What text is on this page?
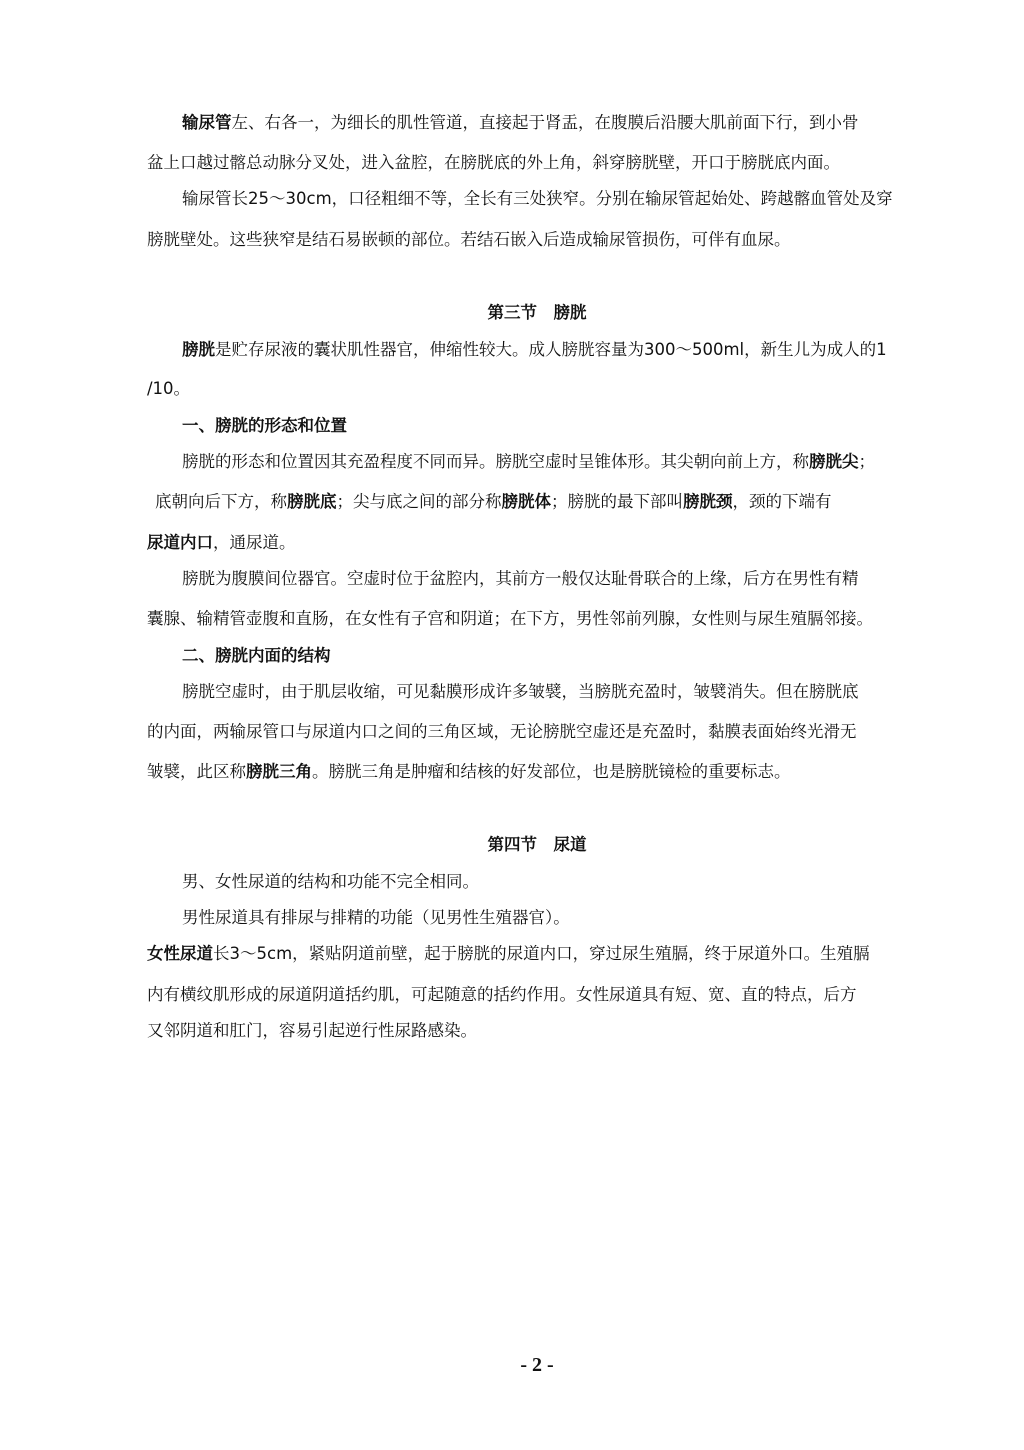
输尿管左、右各一，为细长的肌性管道，直接起于肾盂，在腹膜后沿腰大肌前面下行，到小骨
盆上口越过髂总动脉分叉处，进入盆腔，在膀胱底的外上角，斜穿膀胱壁，开口于膀胱底内面。
输尿管长25～30cm，口径粗细不等，全长有三处狭窄。分别在输尿管起始处、跨越髂血管处及穿
膀胱壁处。这些狭窄是结石易嵌顿的部位。若结石嵌入后造成输尿管损伤，可伴有血尿。
第三节　膀胱
膀胱是贮存尿液的囊状肌性器官，伸缩性较大。成人膀胱容量为300～500ml，新生儿为成人的1
/10。
一、膀胱的形态和位置
膀胱的形态和位置因其充盈程度不同而异。膀胱空虚时呈锥体形。其尖朝向前上方，称膀胱尖；
底朝向后下方，称膀胱底；尖与底之间的部分称膀胱体；膀胱的最下部叫膀胱颈，颈的下端有
尿道内口，通尿道。
膀胱为腹膜间位器官。空虚时位于盆腔内，其前方一般仅达耻骨联合的上缘，后方在男性有精
囊腺、输精管壶腹和直肠，在女性有子宫和阴道；在下方，男性邻前列腺，女性则与尿生殖膈邻接。
二、膀胱内面的结构
膀胱空虚时，由于肌层收缩，可见黏膜形成许多皱襞，当膀胱充盈时，皱襞消失。但在膀胱底
的内面，两输尿管口与尿道内口之间的三角区域，无论膀胱空虚还是充盈时，黏膜表面始终光滑无
皱襞，此区称膀胱三角。膀胱三角是肿瘤和结核的好发部位，也是膀胱镜检的重要标志。
第四节　尿道
男、女性尿道的结构和功能不完全相同。
男性尿道具有排尿与排精的功能（见男性生殖器官）。
女性尿道长3～5cm，紧贴阴道前壁，起于膀胱的尿道内口，穿过尿生殖膈，终于尿道外口。生殖膈
内有横纹肌形成的尿道阴道括约肌，可起随意的括约作用。女性尿道具有短、宽、直的特点，后方
又邻阴道和肛门，容易引起逆行性尿路感染。
- 2 -
